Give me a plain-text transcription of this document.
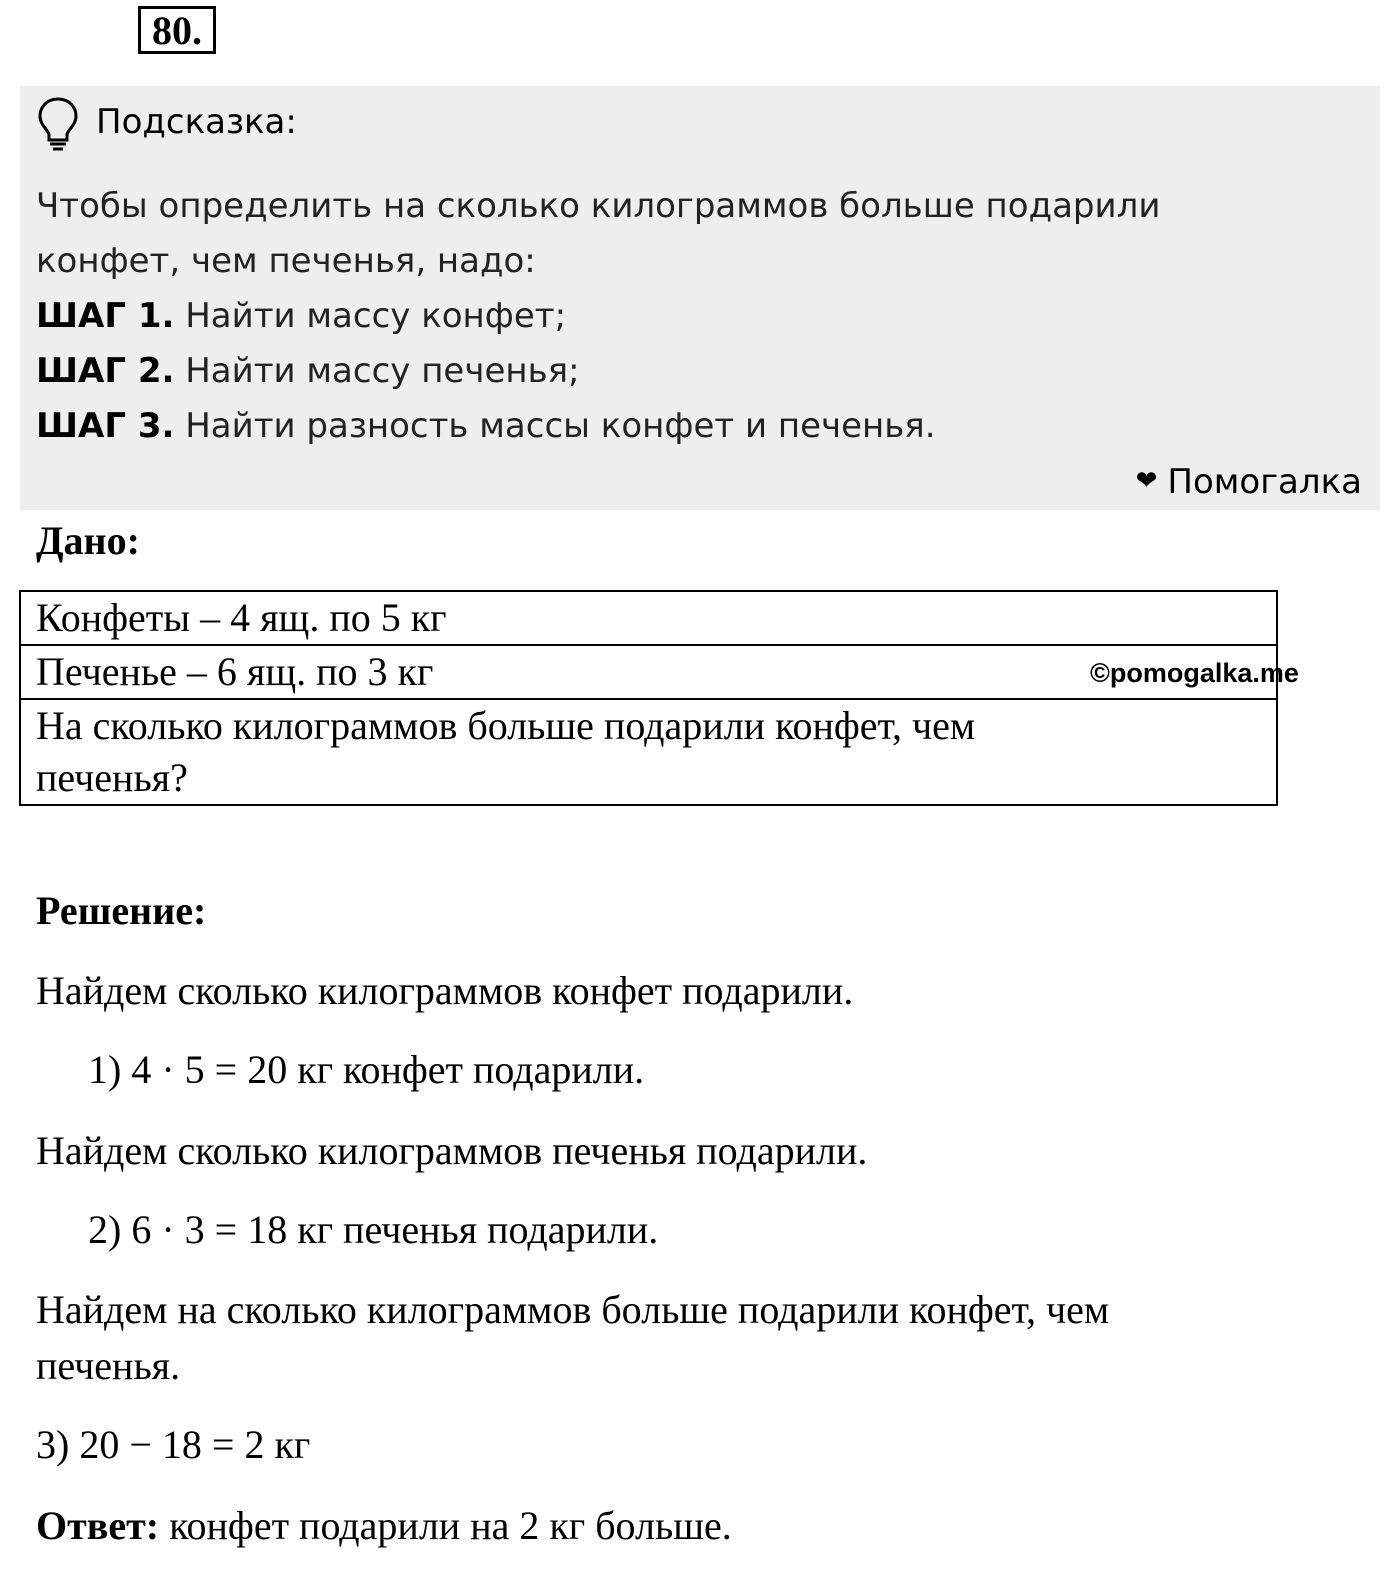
80.
Подсказка:
Чтобы определить на сколько килограммов больше подарили
конфет, чем печенья, надо:
ШАГ 1. Найти массу конфет;
ШАГ 2. Найти массу печенья;
ШАГ 3. Найти разность массы конфет и печенья.
❤ Помогалка
Дано:
Конфеты – 4 ящ. по 5 кг
Печенье – 6 ящ. по 3 кг

На сколько килограммов больше подарили конфет, чем
печенья?
©pomogalka.me
Решение:
Найдем сколько килограммов конфет подарили.
1) 4 · 5 = 20 кг конфет подарили.
Найдем сколько килограммов печенья подарили.
2) 6 · 3 = 18 кг печенья подарили.
Найдем на сколько килограммов больше подарили конфет, чем
печенья.
3) 20 − 18 = 2 кг
Ответ: конфет подарили на 2 кг больше.
